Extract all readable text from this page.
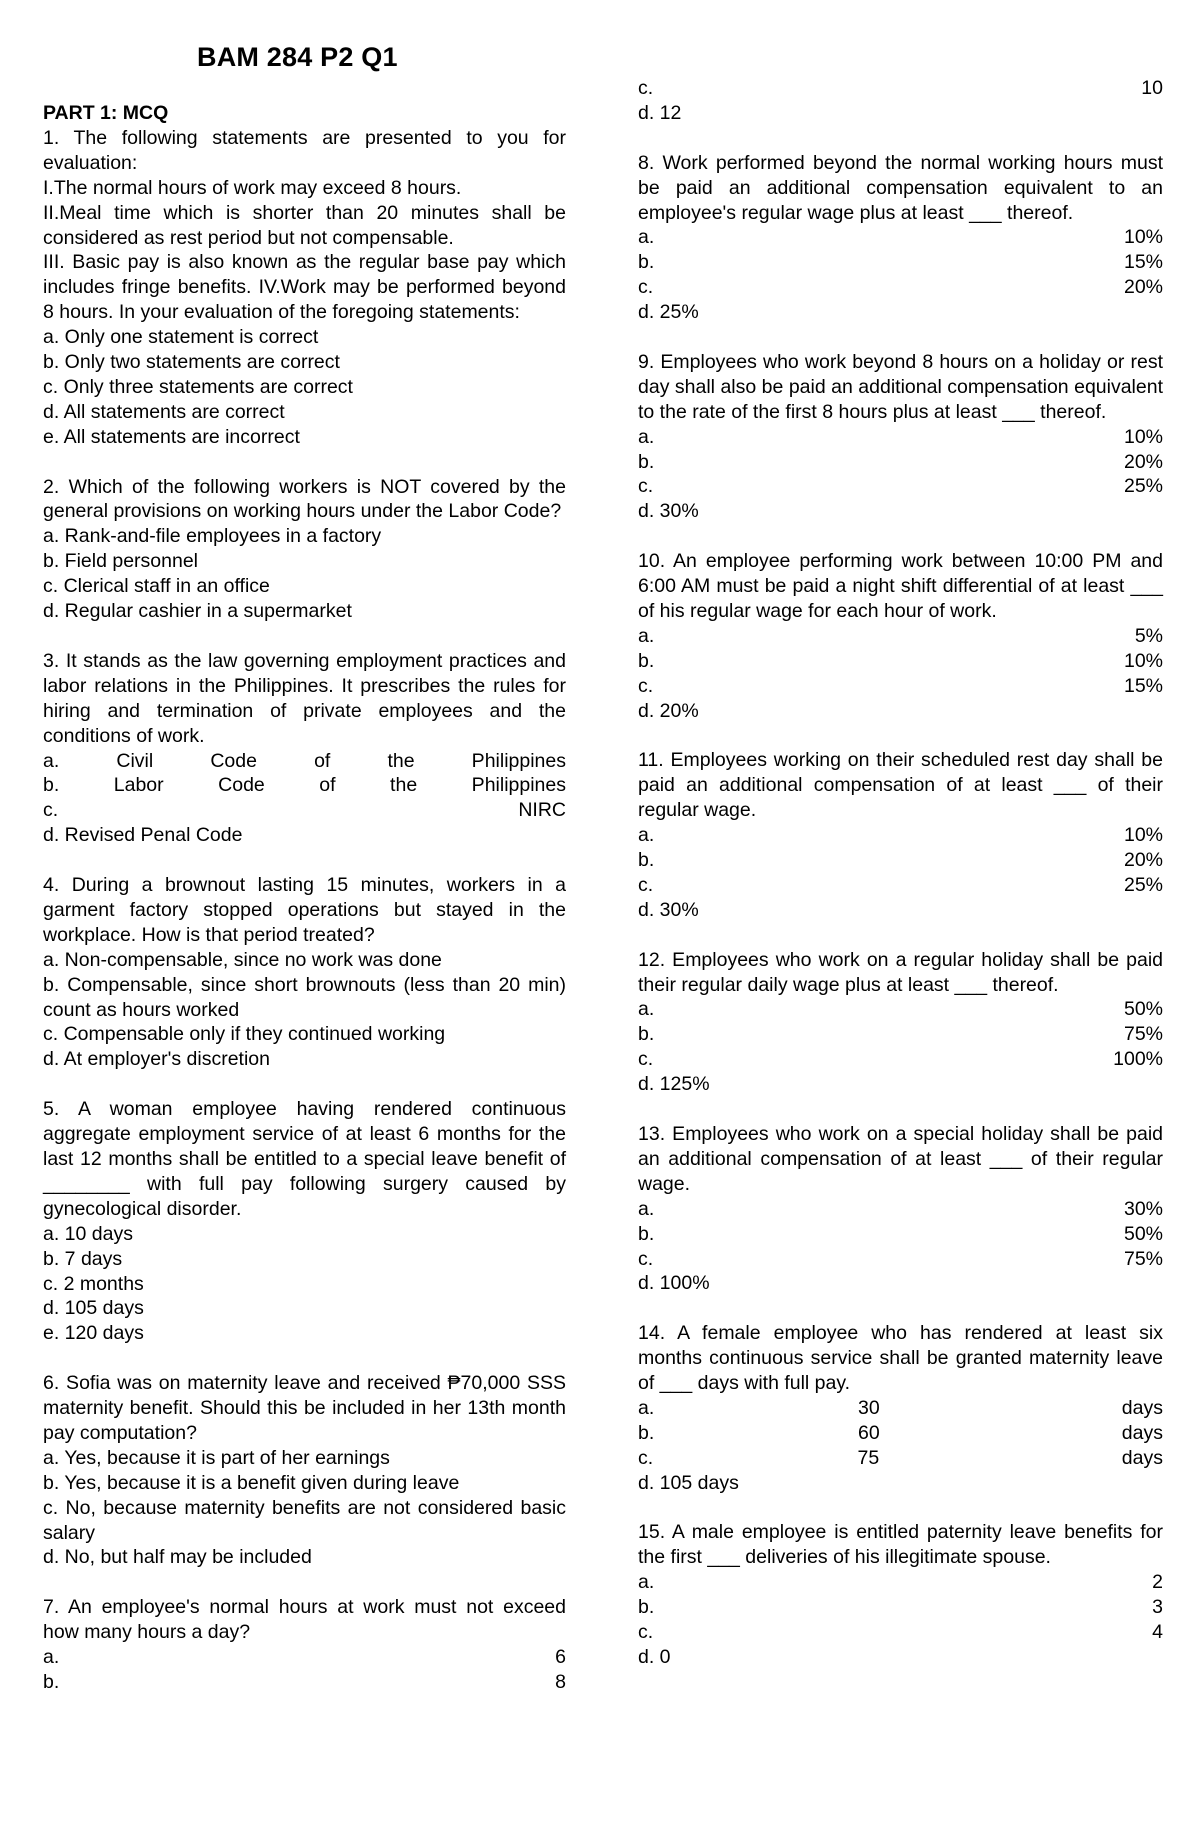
BAM 284 P2 Q1
PART 1: MCQ
1. The following statements are presented to you for evaluation:
I.The normal hours of work may exceed 8 hours.
II.Meal time which is shorter than 20 minutes shall be considered as rest period but not compensable.
III. Basic pay is also known as the regular base pay which includes fringe benefits. IV.Work may be performed beyond 8 hours. In your evaluation of the foregoing statements:
a. Only one statement is correct
b. Only two statements are correct
c. Only three statements are correct
d. All statements are correct
e. All statements are incorrect
2. Which of the following workers is NOT covered by the general provisions on working hours under the Labor Code?
a. Rank-and-file employees in a factory
b. Field personnel
c. Clerical staff in an office
d. Regular cashier in a supermarket
3. It stands as the law governing employment practices and labor relations in the Philippines. It prescribes the rules for hiring and termination of private employees and the conditions of work.
a. Civil Code of the Philippines
b. Labor Code of the Philippines
c. NIRC
d. Revised Penal Code
4. During a brownout lasting 15 minutes, workers in a garment factory stopped operations but stayed in the workplace. How is that period treated?
a. Non-compensable, since no work was done
b. Compensable, since short brownouts (less than 20 min) count as hours worked
c. Compensable only if they continued working
d. At employer's discretion
5. A woman employee having rendered continuous aggregate employment service of at least 6 months for the last 12 months shall be entitled to a special leave benefit of ________ with full pay following surgery caused by gynecological disorder.
a. 10 days
b. 7 days
c. 2 months
d. 105 days
e. 120 days
6. Sofia was on maternity leave and received ₱70,000 SSS maternity benefit. Should this be included in her 13th month pay computation?
a. Yes, because it is part of her earnings
b. Yes, because it is a benefit given during leave
c. No, because maternity benefits are not considered basic salary
d. No, but half may be included
7. An employee's normal hours at work must not exceed how many hours a day?
a.	6
b.	8
c.	10
d. 12
8. Work performed beyond the normal working hours must be paid an additional compensation equivalent to an employee's regular wage plus at least ___ thereof.
a.	10%
b.	15%
c.	20%
d. 25%
9. Employees who work beyond 8 hours on a holiday or rest day shall also be paid an additional compensation equivalent to the rate of the first 8 hours plus at least ___ thereof.
a.	10%
b.	20%
c.	25%
d. 30%
10. An employee performing work between 10:00 PM and 6:00 AM must be paid a night shift differential of at least ___ of his regular wage for each hour of work.
a.	5%
b.	10%
c.	15%
d. 20%
11. Employees working on their scheduled rest day shall be paid an additional compensation of at least ___ of their regular wage.
a.	10%
b.	20%
c.	25%
d. 30%
12. Employees who work on a regular holiday shall be paid their regular daily wage plus at least ___ thereof.
a.	50%
b.	75%
c.	100%
d. 125%
13. Employees who work on a special holiday shall be paid an additional compensation of at least ___ of their regular wage.
a.	30%
b.	50%
c.	75%
d. 100%
14. A female employee who has rendered at least six months continuous service shall be granted maternity leave of ___ days with full pay.
a.	30	days
b.	60	days
c.	75	days
d. 105 days
15. A male employee is entitled paternity leave benefits for the first ___ deliveries of his illegitimate spouse.
a.	2
b.	3
c.	4
d. 0
